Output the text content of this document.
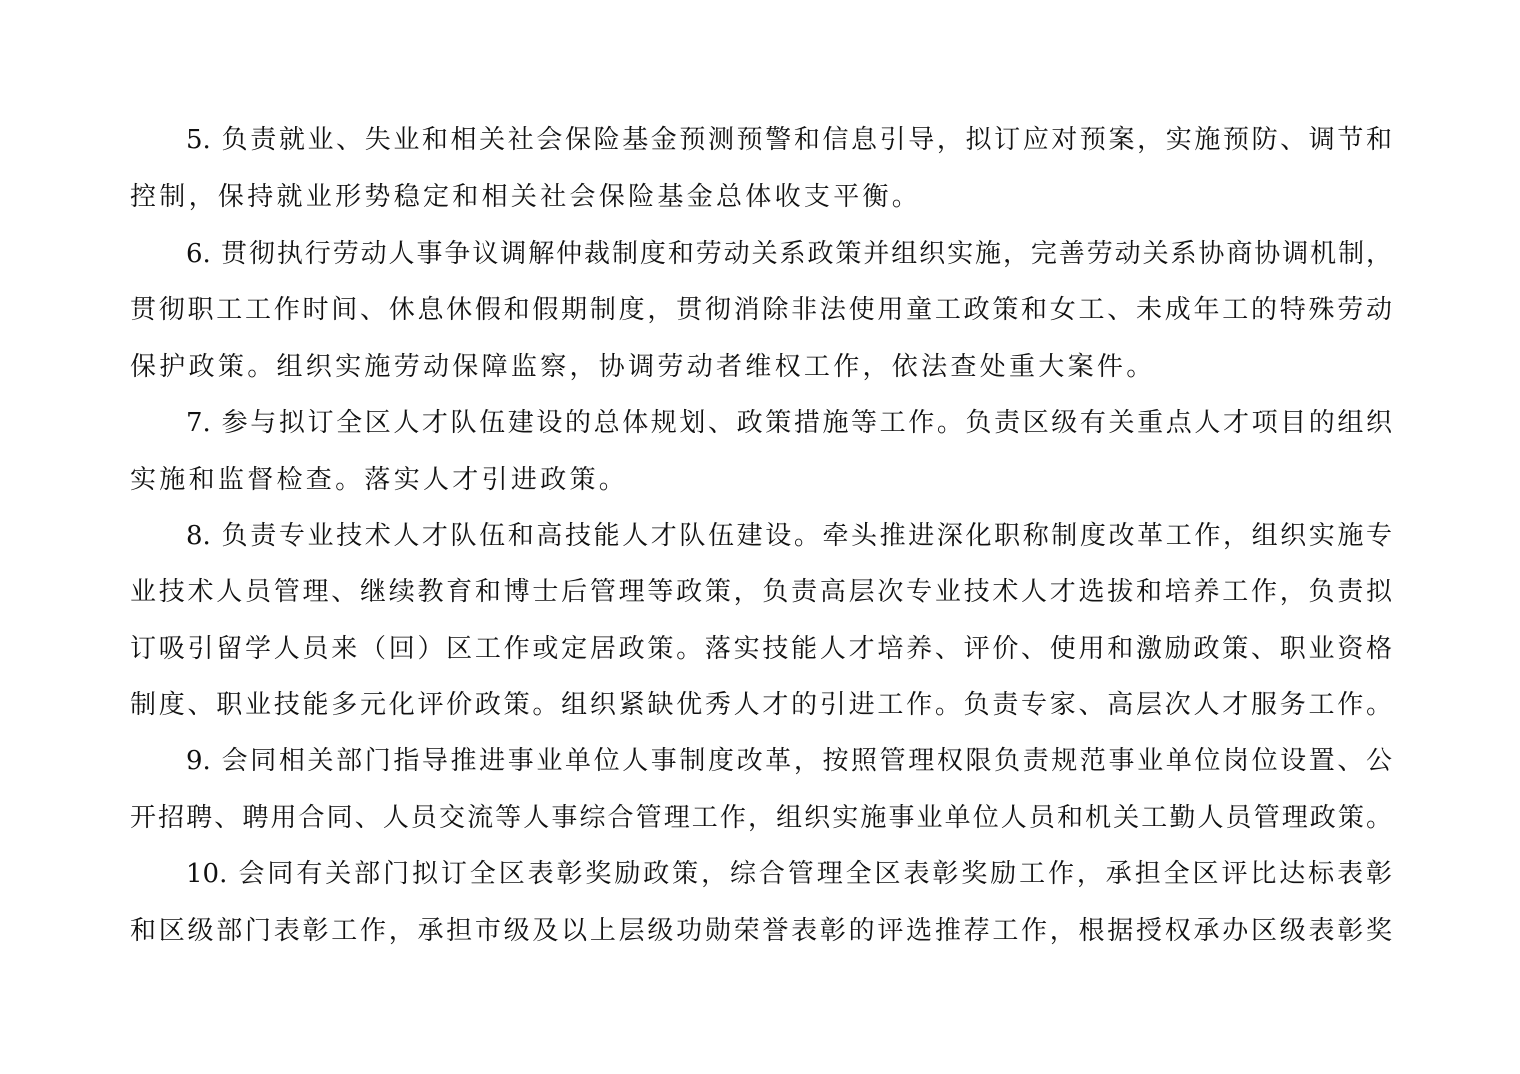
5. 负责就业、失业和相关社会保险基金预测预警和信息引导，拟订应对预案，实施预防、调节和
控制，保持就业形势稳定和相关社会保险基金总体收支平衡。
6. 贯彻执行劳动人事争议调解仲裁制度和劳动关系政策并组织实施，完善劳动关系协商协调机制，
贯彻职工工作时间、休息休假和假期制度，贯彻消除非法使用童工政策和女工、未成年工的特殊劳动
保护政策。组织实施劳动保障监察，协调劳动者维权工作，依法查处重大案件。
7. 参与拟订全区人才队伍建设的总体规划、政策措施等工作。负责区级有关重点人才项目的组织
实施和监督检查。落实人才引进政策。
8. 负责专业技术人才队伍和高技能人才队伍建设。牵头推进深化职称制度改革工作，组织实施专
业技术人员管理、继续教育和博士后管理等政策，负责高层次专业技术人才选拔和培养工作，负责拟
订吸引留学人员来（回）区工作或定居政策。落实技能人才培养、评价、使用和激励政策、职业资格
制度、职业技能多元化评价政策。组织紧缺优秀人才的引进工作。负责专家、高层次人才服务工作。
9. 会同相关部门指导推进事业单位人事制度改革，按照管理权限负责规范事业单位岗位设置、公
开招聘、聘用合同、人员交流等人事综合管理工作，组织实施事业单位人员和机关工勤人员管理政策。
10. 会同有关部门拟订全区表彰奖励政策，综合管理全区表彰奖励工作，承担全区评比达标表彰
和区级部门表彰工作，承担市级及以上层级功勋荣誉表彰的评选推荐工作，根据授权承办区级表彰奖
